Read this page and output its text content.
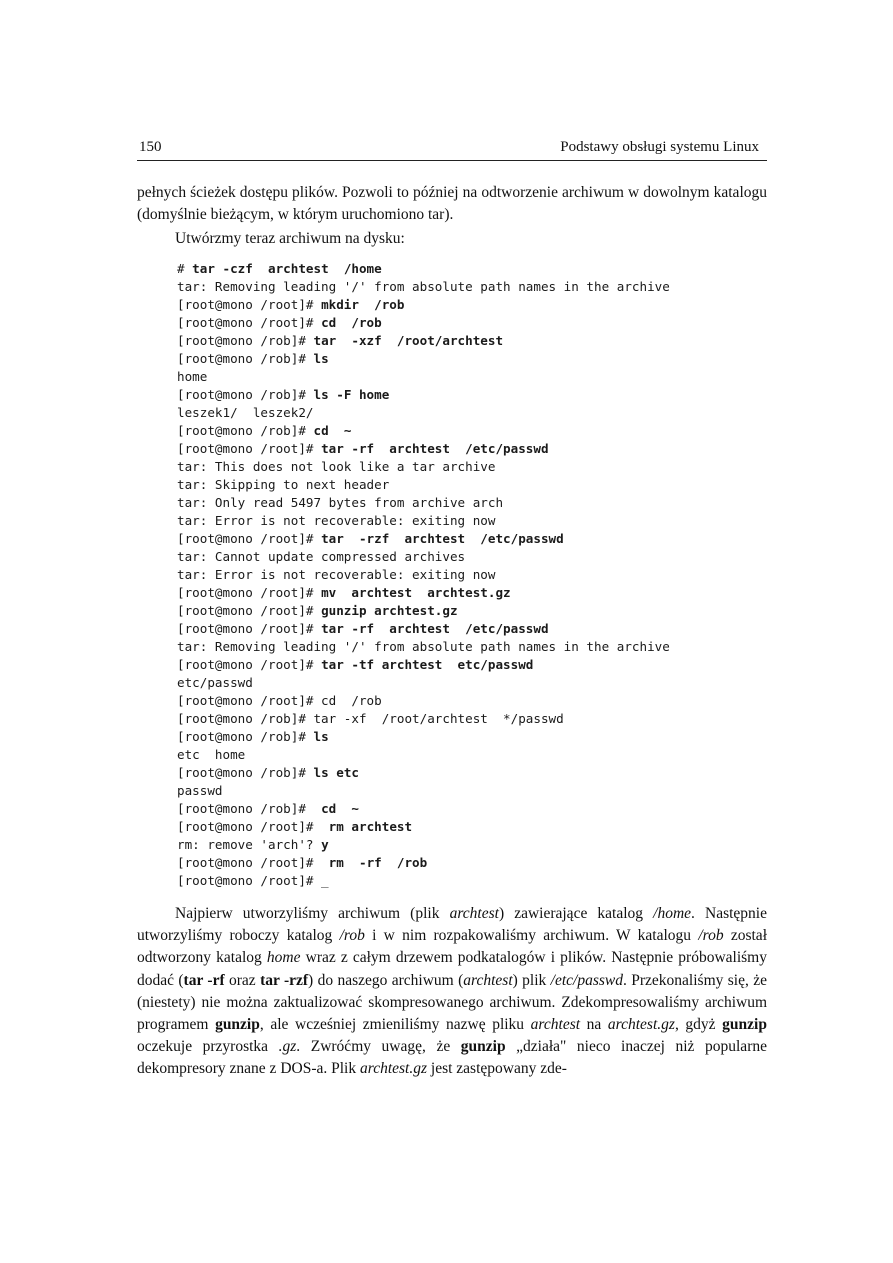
150	Podstawy obsługi systemu Linux

pełnych ścieżek dostępu plików. Pozwoli to później na odtworzenie archiwum w dowolnym katalogu (domyślnie bieżącym, w którym uruchomiono tar).

Utwórzmy teraz archiwum na dysku:

# tar -czf  archtest  /home
tar: Removing leading '/' from absolute path names in the archive
[root@mono /root]# mkdir  /rob
[root@mono /root]# cd  /rob
[root@mono /rob]# tar  -xzf  /root/archtest
[root@mono /rob]# ls
home
[root@mono /rob]# ls -F home
leszek1/  leszek2/
[root@mono /rob]# cd  ~
[root@mono /root]# tar -rf  archtest  /etc/passwd
tar: This does not look like a tar archive
tar: Skipping to next header
tar: Only read 5497 bytes from archive arch
tar: Error is not recoverable: exiting now
[root@mono /root]# tar  -rzf  archtest  /etc/passwd
tar: Cannot update compressed archives
tar: Error is not recoverable: exiting now
[root@mono /root]# mv  archtest  archtest.gz
[root@mono /root]# gunzip archtest.gz
[root@mono /root]# tar -rf  archtest  /etc/passwd
tar: Removing leading '/' from absolute path names in the archive
[root@mono /root]# tar -tf archtest  etc/passwd
etc/passwd
[root@mono /root]# cd  /rob
[root@mono /rob]# tar -xf  /root/archtest  */passwd
[root@mono /rob]# ls
etc  home
[root@mono /rob]# ls etc
passwd
[root@mono /rob]#  cd  ~
[root@mono /root]#  rm archtest
rm: remove 'arch'? y
[root@mono /root]#  rm  -rf  /rob
[root@mono /root]# _

Najpierw utworzyliśmy archiwum (plik archtest) zawierające katalog /home. Następnie utworzyliśmy roboczy katalog /rob i w nim rozpakowaliśmy archiwum. W katalogu /rob został odtworzony katalog home wraz z całym drzewem podkatalogów i plików. Następnie próbowaliśmy dodać (tar -rf oraz tar -rzf) do naszego archiwum (archtest) plik /etc/passwd. Przekonaliśmy się, że (niestety) nie można zaktualizować skompresowanego archiwum. Zdekompresowaliśmy archiwum programem gunzip, ale wcześniej zmieniliśmy nazwę pliku archtest na archtest.gz, gdyż gunzip oczekuje przyrostka .gz. Zwróćmy uwagę, że gunzip „działa" nieco inaczej niż popularne dekompresory znane z DOS-a. Plik archtest.gz jest zastępowany zde-
